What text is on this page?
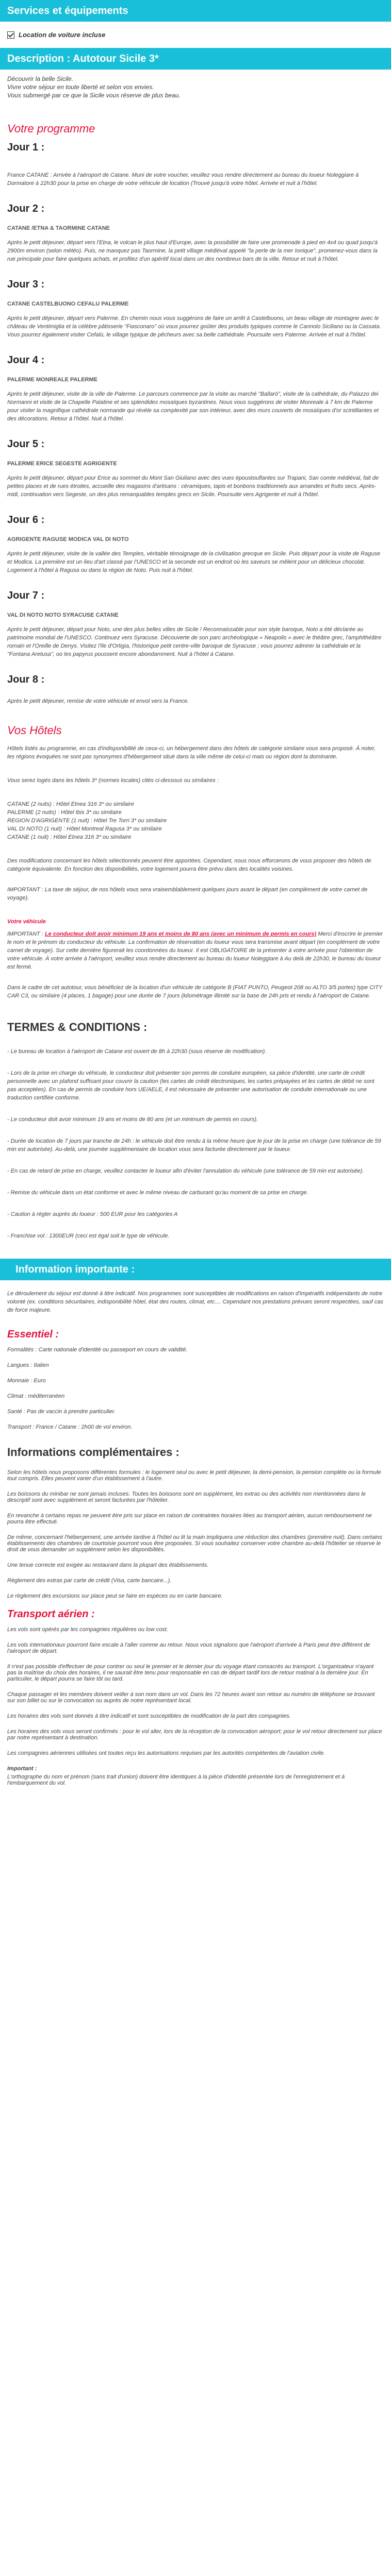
Services et équipements
Location de voiture incluse
Description : Autotour Sicile 3*
Découvrir la belle Sicile.
Vivre votre séjour en toute liberté et selon vos envies.
Vous submergé par ce que la Sicile vous réserve de plus beau.
Votre programme
Jour 1 :
France CATANE : Arrivée à l'aéroport de Catane. Muni de votre voucher, veuillez vous rendre directement au bureau du loueur Noleggiare à Dormatore à 22h30 pour la prise en charge de votre véhicule de location (Trouvé jusqu'à votre hôtel. Arrivée et nuit à l'hôtel.
Jour 2 :
CATANE /ETNA & TAORMINE CATANE
Après le petit déjeuner, départ vers l'Etna, le volcan le plus haut d'Europe, avec la possibilité de faire une promenade à pied en 4x4 ou quad jusqu'à 2900m environ (selon météo). Puis, ne manquez pas Taormine, la petit village médiéval appelé "la perle de la mer Ionique", promenez-vous dans la rue principale pour faire quelques achats, et profitez d'un apéritif local dans un des nombreux bars de la ville. Retour et nuit à l'hôtel.
Jour 3 :
CATANE CASTELBUONO CEFALU PALERME
Après le petit déjeuner, départ vers Palerme. En chemin nous vous suggérons de faire un arrêt à Castelbuono, un beau village de montagne avec le château de Ventimiglia et la célèbre pâtisserie "Fiasconaro" où vous pourrez goûter des produits typiques comme le Cannolo Siciliano ou la Cassata. Vous pourrez également visiter Cefalù, le village typique de pêcheurs avec sa belle cathédrale. Poursuite vers Palerme. Arrivée et nuit à l'hôtel.
Jour 4 :
PALERME MONREALE PALERME
Après le petit déjeuner, visite de la ville de Palerme. Le parcours commence par la visite au marché "Ballarò", visite de la cathédrale, du Palazzo dei Normanni et visite de la Chapelle Palatine et ses splendides mosaïques byzantines. Nous vous suggérons de visiter Monreale à 7 km de Palerme pour visiter la magnifique cathédrale normande qui révèle sa complexité par son intérieur, avec des murs couverts de mosaïques d'or scintillantes et des décorations. Retour à l'hôtel. Nuit à l'hôtel.
Jour 5 :
PALERME ERICE SEGESTE AGRIGENTE
Après le petit déjeuner, départ pour Erice au sommet du Mont San Giuliano avec des vues époustouflantes sur Trapani, San comte médiéval, fait de petites places et de rues étroites, accueille des magasins d'artisans : céramiques, tapis et bonbons traditionnels aux amandes et fruits secs. Après-midi, continuation vers Segeste, un des plus remarquables temples grecs en Sicile. Poursuite vers Agrigente et nuit à l'hôtel.
Jour 6 :
AGRIGENTE RAGUSE MODICA VAL DI NOTO
Après le petit déjeuner, visite de la vallée des Temples, véritable témoignage de la civilisation grecque en Sicile. Puis départ pour la visite de Raguse et Modica. La première est un lieu d'art classé par l'UNESCO et la seconde est un endroit où les saveurs se mêlent pour un délicieux chocolat. Logement à l'hôtel à Ragusa ou dans la région de Noto. Puis nuit à l'hôtel.
Jour 7 :
VAL DI NOTO NOTO SYRACUSE CATANE
Après le petit déjeuner, départ pour Noto, une des plus belles villes de Sicile ! Reconnaissable pour son style baroque, Noto a été déclarée au patrimoine mondial de l'UNESCO. Continuez vers Syracuse. Découverte de son parc archéologique « Neapolis » avec le théâtre grec, l'amphithéâtre romain et l'Oreille de Denys. Visitez l'île d'Ortigia, l'historique petit centre-ville baroque de Syracuse ; vous pourrez admirer la cathédrale et la "Fontana Aretusa", où les papyrus poussent encore abondamment. Nuit à l'hôtel à Catane.
Jour 8 :
Après le petit déjeuner, remise de votre véhicule et envol vers la France.
Vos Hôtels
Hôtels listés au programme, en cas d'indisponibilité de ceux-ci, un hébergement dans des hôtels de catégorie similaire vous sera proposé. À noter, les régions évoquées ne sont pas synonymes d'hébergement situé dans la ville même de celui-ci mais ou région dont la dominante.
Vous serez logés dans les hôtels 3* (normes locales) cités ci-dessous ou similaires :
CATANE (2 nuits) : Hôtel Etnea 316 3* ou similaire
PALERME (2 nuits) : Hôtel Ibis 3* ou similaire
REGION D'AGRIGENTE (1 nuit) : Hôtel Tre Torri 3* ou similaire
VAL DI NOTO (1 nuit) : Hôtel Montreal Ragusa 3* ou similaire
CATANE (1 nuit) : Hôtel Etnea 316 3* ou similaire
Des modifications concernant les hôtels sélectionnés peuvent être apportées. Cependant, nous nous efforcerons de vous proposer des hôtels de catégorie équivalente. En fonction des disponibilités, votre logement pourra être prévu dans des localités voisines.
IMPORTANT : La taxe de séjour, de nos hôtels vous sera vraisemblablement quelques jours avant le départ (en complément de votre carnet de voyage).
Votre véhicule
IMPORTANT : Le conducteur doit avoir minimum 19 ans et moins de 80 ans (avec un minimum de permis en cours) Merci d'inscrire le premier le nom et le prénom du conducteur du véhicule. La confirmation de réservation du loueur vous sera transmise avant départ (en complément de votre carnet de voyage). Sur cette dernière figurerait les coordonnées du loueur. Il est OBLIGATOIRE de la présenter à votre arrivée pour l'obtention de votre véhicule. À votre arrivée à l'aéroport, veuillez vous rendre directement au bureau du loueur Noleggiare à Au delà de 22h30, le bureau du loueur est fermé.
Dans le cadre de cet autotour, vous bénéficiez de la location d'un véhicule de catégorie B (FIAT PUNTO, Peugeot 208 ou ALTO 3/5 portes) type CITY CAR C3, ou similaire (4 places, 1 bagage) pour une durée de 7 jours (kilométrage illimité sur la base de 24h pris et rendu à l'aéroport de Catane.
TERMES & CONDITIONS :
- Le bureau de location à l'aéroport de Catane est ouvert de 8h à 22h30 (sous réserve de modification).
- Lors de la prise en charge du véhicule, le conducteur doit présenter son permis de conduire européen, sa pièce d'identité, une carte de crédit personnelle avec un plafond suffisant pour couvrir la caution (les cartes de crédit électroniques, les cartes prépayées et les cartes de débit ne sont pas acceptées). En cas de permis de conduire hors UE/AELE, il est nécessaire de présenter une autorisation de conduite internationale ou une traduction certifiée conforme.
- Le conducteur doit avoir minimum 19 ans et moins de 80 ans (et un minimum de permis en cours).
- Durée de location de 7 jours par tranche de 24h : le véhicule doit être rendu à la même heure que le jour de la prise en charge (une tolérance de 59 min est autorisée). Au-delà, une journée supplémentaire de location vous sera facturée directement par le loueur.
- En cas de retard de prise en charge, veuillez contacter le loueur afin d'éviter l'annulation du véhicule (une tolérance de 59 min est autorisée).
- Remise du véhicule dans un état conforme et avec le même niveau de carburant qu'au moment de sa prise en charge.
- Caution à régler auprès du loueur : 500 EUR pour les catégories A
- Franchise vol : 1300EUR (ceci est égal soit le type de véhicule.
Information importante :
Le déroulement du séjour est donné à titre indicatif. Nos programmes sont susceptibles de modifications en raison d'impératifs indépendants de notre volonté (ex. conditions sécuritaires, indisponibilité hôtel, état des routes, climat, etc.... Cependant nos prestations prévues seront respectées, sauf cas de force majeure.
Essentiel :
Formalités : Carte nationale d'identité ou passeport en cours de validité.
Langues : Italien
Monnaie : Euro
Climat : méditerranéen
Santé : Pas de vaccin à prendre particulier.
Transport : France / Catane : 2h00 de vol environ.
Informations complémentaires :
Selon les hôtels nous proposons différentes formules : le logement seul ou avec le petit déjeuner, la demi-pension, la pension complète ou la formule tout compris. Elles peuvent varier d'un établissement à l'autre.
Les boissons du minibar ne sont jamais incluses. Toutes les boissons sont en supplément, les extras ou des activités non mentionnées dans le descriptif sont avec supplément et seront facturées par l'hôtelier.
En revanche à certains repas ne peuvent être pris sur place en raison de contraintes horaires liées au transport aérien, aucun remboursement ne pourra être effectué.
De même, concernant l'hébergement, une arrivée tardive à l'hôtel ou lit la main impliquera une réduction des chambres (première nuit). Dans certains établissements des chambres de courtoisie pourront vous être proposées. Si vous souhaitez conserver votre chambre au-delà l'hôtelier se réserve le droit de vous demander un supplément selon les disponibilités.
Une tenue correcte est exigée au restaurant dans la plupart des établissements.
Règlement des extras par carte de crédit (Visa, carte bancaire...).
Le règlement des excursions sur place peut se faire en espèces ou en carte bancaire.
Transport aérien :
Les vols sont opérés par les compagnies régulières ou low cost.
Les vols internationaux pourront faire escale à l'aller comme au retour. Nous vous signalons que l'aéroport d'arrivée à Paris peut être différent de l'aéroport de départ.
Il n'est pas possible d'effectuer de pour contrer ou seul le premier et le dernier jour du voyage étant consacrés au transport. L'organisateur n'ayant pas la maîtrise du choix des horaires, il ne saurait être tenu pour responsable en cas de départ tardif lors de retour matinal à la dernière jour. En particulier, le départ pourra se faire tôt ou tard.
Chaque passager et les membres doivent veiller à son nom dans un vol. Dans les 72 heures avant son retour au numéro de téléphone se trouvant sur son billet ou sur le convocation ou auprès de notre représentant local.
Les horaires des vols sont donnés à titre indicatif et sont susceptibles de modification de la part des compagnies.
Les horaires des vols vous seront confirmés : pour le vol aller, lors de la réception de la convocation aéroport; pour le vol retour directement sur place par notre représentant à destination.
Les compagnies aériennes utilisées ont toutes reçu les autorisations requises par les autorités compétentes de l'aviation civile.
Important :
L'orthographe du nom et prénom (sans trait d'union) doivent être identiques à la pièce d'identité présentée lors de l'enregistrement et à l'embarquement du vol.
